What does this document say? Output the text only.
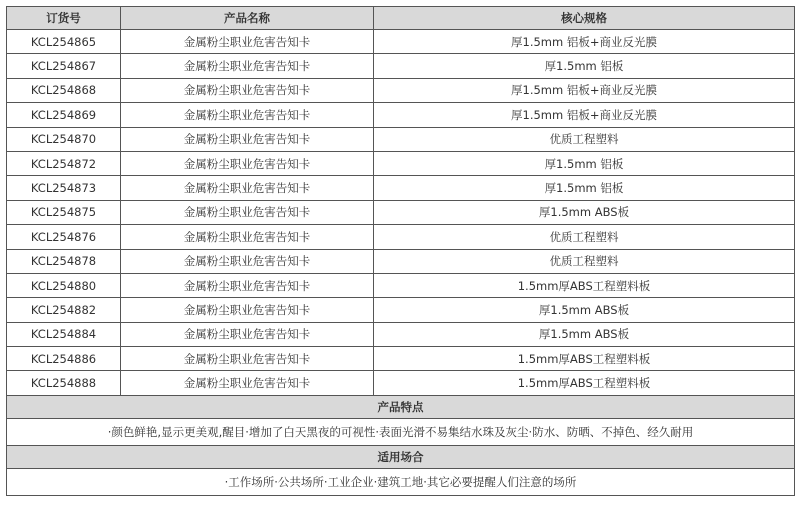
订货号	产品名称	核心规格
KCL254865	金属粉尘职业危害告知卡	厚1.5mm 铝板+商业反光膜
KCL254867	金属粉尘职业危害告知卡	厚1.5mm 铝板
KCL254868	金属粉尘职业危害告知卡	厚1.5mm 铝板+商业反光膜
KCL254869	金属粉尘职业危害告知卡	厚1.5mm 铝板+商业反光膜
KCL254870	金属粉尘职业危害告知卡	优质工程塑料
KCL254872	金属粉尘职业危害告知卡	厚1.5mm 铝板
KCL254873	金属粉尘职业危害告知卡	厚1.5mm 铝板
KCL254875	金属粉尘职业危害告知卡	厚1.5mm ABS板
KCL254876	金属粉尘职业危害告知卡	优质工程塑料
KCL254878	金属粉尘职业危害告知卡	优质工程塑料
KCL254880	金属粉尘职业危害告知卡	1.5mm厚ABS工程塑料板
KCL254882	金属粉尘职业危害告知卡	厚1.5mm ABS板
KCL254884	金属粉尘职业危害告知卡	厚1.5mm ABS板
KCL254886	金属粉尘职业危害告知卡	1.5mm厚ABS工程塑料板
KCL254888	金属粉尘职业危害告知卡	1.5mm厚ABS工程塑料板
产品特点		
·颜色鲜艳,显示更美观,醒目·增加了白天黑夜的可视性·表面光滑不易集结水珠及灰尘·防水、防晒、不掉色、经久耐用		
适用场合		
·工作场所·公共场所·工业企业·建筑工地·其它必要提醒人们注意的场所		
